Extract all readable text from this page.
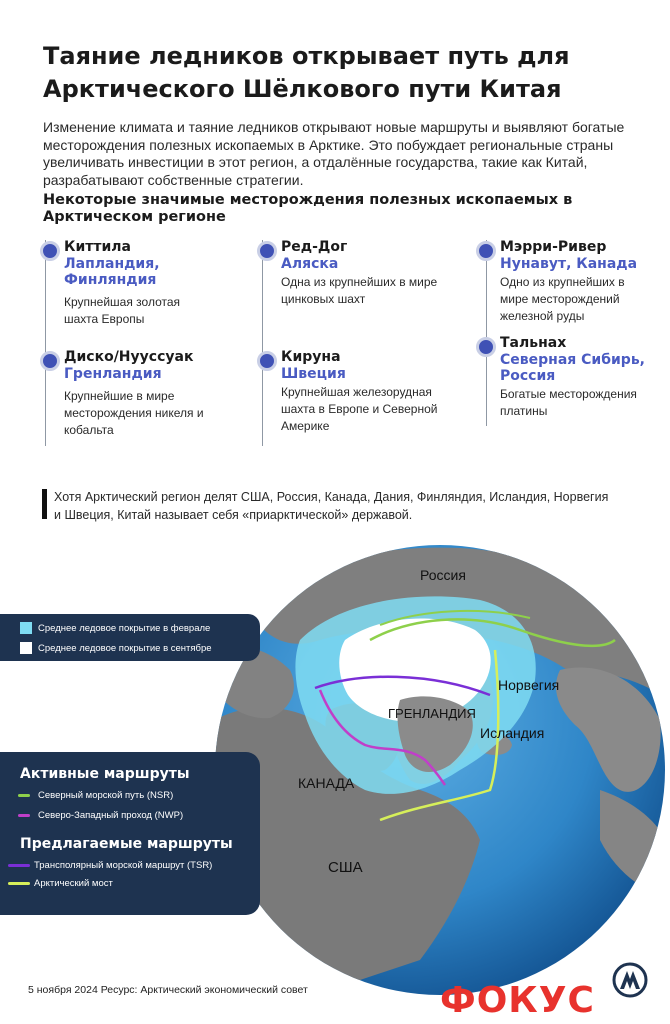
Таяние ледников открывает путь для Арктического Шёлкового пути Китая

Изменение климата и таяние ледников открывают новые маршруты и выявляют богатые месторождения полезных ископаемых в Арктике. Это побуждает региональные страны увеличивать инвестиции в этот регион, а отдалённые государства, такие как Китай, разрабатывают собственные стратегии.

Некоторые значимые месторождения полезных ископаемых в Арктическом регионе
Киттила
Лапландия, Финляндия
Крупнейшая золотая шахта Европы
Диско/Нууссуак
Гренландия
Крупнейшие в мире месторождения никеля и кобальта
Ред-Дог
Аляска
Одна из крупнейших в мире цинковых шахт
Кируна
Швеция
Крупнейшая железорудная шахта в Европе и Северной Америке
Мэрри-Ривер
Нунавут, Канада
Одно из крупнейших в мире месторождений железной руды
Тальнах
Северная Сибирь, Россия
Богатые месторождения платины

Хотя Арктический регион делят США, Россия, Канада, Дания, Финляндия, Исландия, Норвегия и Швеция, Китай называет себя «приарктической» державой.

Россия
Норвегия
ГРЕНЛАНДИЯ
Исландия
КАНАДА
США
Среднее ледовое покрытие в феврале
Среднее ледовое покрытие в сентябре
Активные маршруты
Северный морской путь (NSR)
Северо-Западный проход (NWP)
Предлагаемые маршруты
Трансполярный морской маршрут (TSR)
Арктический мост
5 ноября 2024 Ресурс: Арктический экономический совет	ФОКУС
